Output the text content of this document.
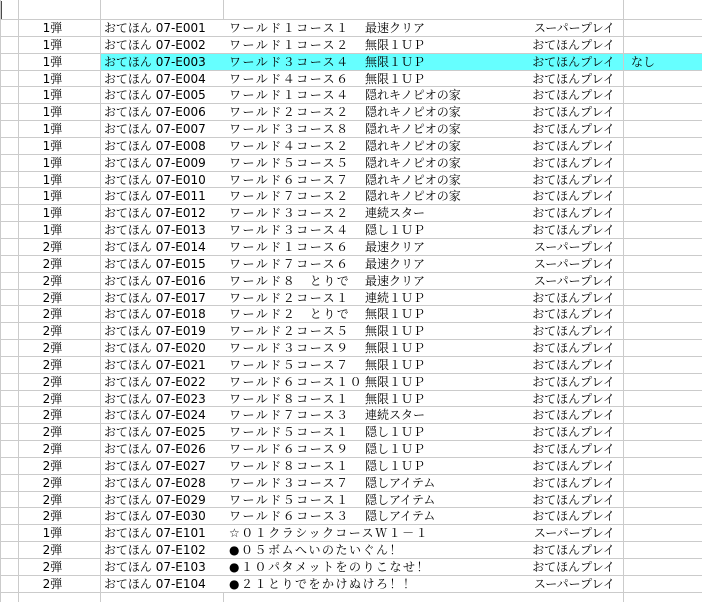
1弾	おてほん 07-E001	ワールド１コース１	最速クリア	スーパープレイ
1弾	おてほん 07-E002	ワールド１コース２	無限１ＵＰ	おてほんプレイ
1弾	おてほん 07-E003	ワールド３コース４	無限１ＵＰ	おてほんプレイ	なし
1弾	おてほん 07-E004	ワールド４コース６	無限１ＵＰ	おてほんプレイ
1弾	おてほん 07-E005	ワールド１コース４	隠れキノピオの家	おてほんプレイ
1弾	おてほん 07-E006	ワールド２コース２	隠れキノピオの家	おてほんプレイ
1弾	おてほん 07-E007	ワールド３コース８	隠れキノピオの家	おてほんプレイ
1弾	おてほん 07-E008	ワールド４コース２	隠れキノピオの家	おてほんプレイ
1弾	おてほん 07-E009	ワールド５コース５	隠れキノピオの家	おてほんプレイ
1弾	おてほん 07-E010	ワールド６コース７	隠れキノピオの家	おてほんプレイ
1弾	おてほん 07-E011	ワールド７コース２	隠れキノピオの家	おてほんプレイ
1弾	おてほん 07-E012	ワールド３コース２	連続スター	おてほんプレイ
1弾	おてほん 07-E013	ワールド３コース４	隠し１ＵＰ	おてほんプレイ
2弾	おてほん 07-E014	ワールド１コース６	最速クリア	スーパープレイ
2弾	おてほん 07-E015	ワールド７コース６	最速クリア	スーパープレイ
2弾	おてほん 07-E016	ワールド８　とりで	最速クリア	スーパープレイ
2弾	おてほん 07-E017	ワールド２コース１	連続１ＵＰ	おてほんプレイ
2弾	おてほん 07-E018	ワールド２　とりで	無限１ＵＰ	おてほんプレイ
2弾	おてほん 07-E019	ワールド２コース５	無限１ＵＰ	おてほんプレイ
2弾	おてほん 07-E020	ワールド３コース９	無限１ＵＰ	おてほんプレイ
2弾	おてほん 07-E021	ワールド５コース７	無限１ＵＰ	おてほんプレイ
2弾	おてほん 07-E022	ワールド６コース１０ 無限１ＵＰ	おてほんプレイ
2弾	おてほん 07-E023	ワールド８コース１	無限１ＵＰ	おてほんプレイ
2弾	おてほん 07-E024	ワールド７コース３	連続スター	おてほんプレイ
2弾	おてほん 07-E025	ワールド５コース１	隠し１ＵＰ	おてほんプレイ
2弾	おてほん 07-E026	ワールド６コース９	隠し１ＵＰ	おてほんプレイ
2弾	おてほん 07-E027	ワールド８コース１	隠し１ＵＰ	おてほんプレイ
2弾	おてほん 07-E028	ワールド３コース７	隠しアイテム	おてほんプレイ
2弾	おてほん 07-E029	ワールド５コース１	隠しアイテム	おてほんプレイ
2弾	おてほん 07-E030	ワールド６コース３	隠しアイテム	おてほんプレイ
1弾	おてほん 07-E101	☆０１クラシックコースＷ１－１	スーパープレイ
2弾	おてほん 07-E102	●０５ボムへいのたいぐん！	おてほんプレイ
2弾	おてほん 07-E103	●１０パタメットをのりこなせ！	おてほんプレイ
2弾	おてほん 07-E104	●２１とりでをかけぬけろ！！	スーパープレイ
